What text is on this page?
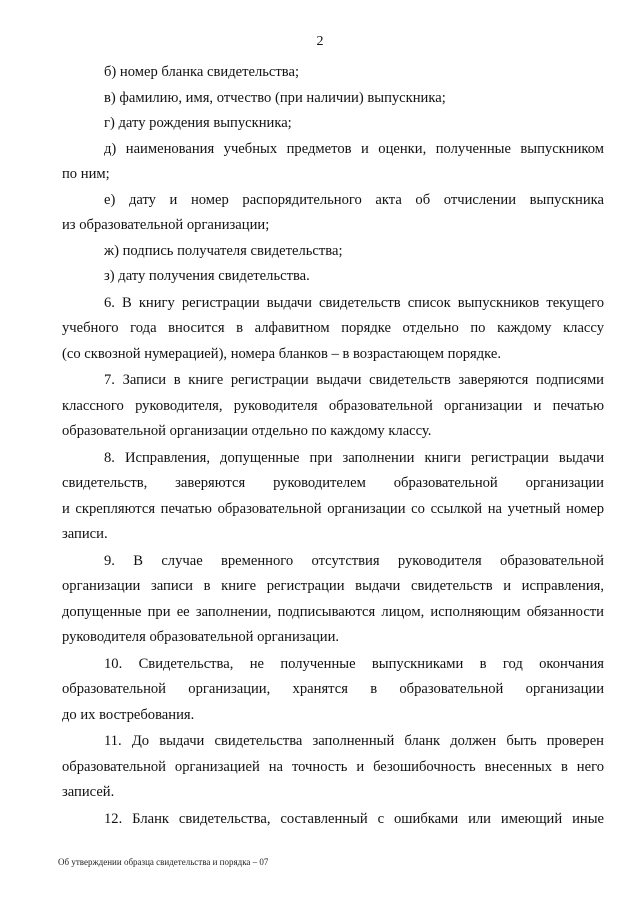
2
б) номер бланка свидетельства;
в) фамилию, имя, отчество (при наличии) выпускника;
г) дату рождения выпускника;
д) наименования учебных предметов и оценки, полученные выпускником
по ним;
е) дату и номер распорядительного акта об отчислении выпускника
из образовательной организации;
ж) подпись получателя свидетельства;
з) дату получения свидетельства.
6. В книгу регистрации выдачи свидетельств список выпускников текущего
учебного года вносится в алфавитном порядке отдельно по каждому классу
(со сквозной нумерацией), номера бланков – в возрастающем порядке.
7. Записи в книге регистрации выдачи свидетельств заверяются подписями
классного руководителя, руководителя образовательной организации и печатью
образовательной организации отдельно по каждому классу.
8. Исправления, допущенные при заполнении книги регистрации выдачи
свидетельств, заверяются руководителем образовательной организации
и скрепляются печатью образовательной организации со ссылкой на учетный номер
записи.
9. В случае временного отсутствия руководителя образовательной
организации записи в книге регистрации выдачи свидетельств и исправления,
допущенные при ее заполнении, подписываются лицом, исполняющим обязанности
руководителя образовательной организации.
10. Свидетельства, не полученные выпускниками в год окончания
образовательной организации, хранятся в образовательной организации
до их востребования.
11. До выдачи свидетельства заполненный бланк должен быть проверен
образовательной организацией на точность и безошибочность внесенных в него
записей.
12. Бланк свидетельства, составленный с ошибками или имеющий иные
Об утверждении образца свидетельства и порядка – 07
